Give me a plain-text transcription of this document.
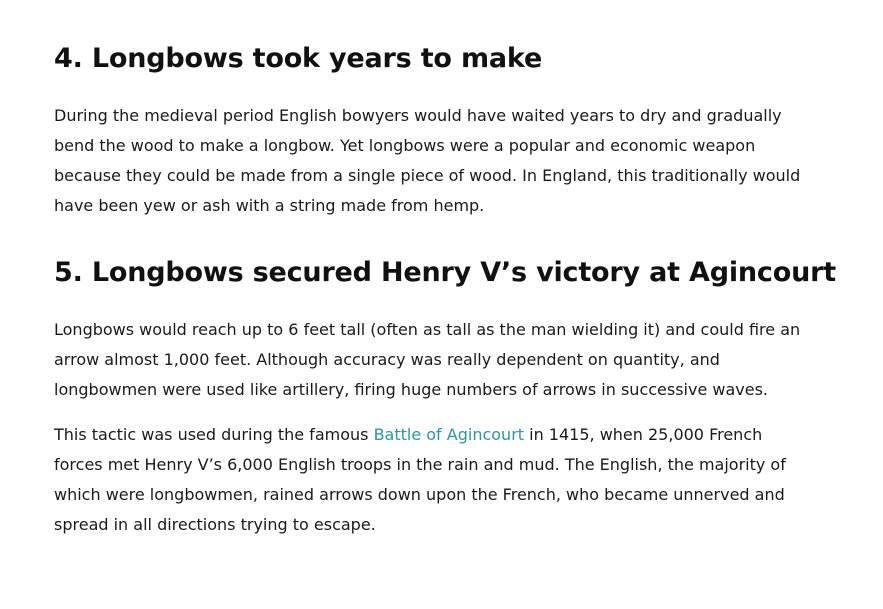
4. Longbows took years to make

During the medieval period English bowyers would have waited years to dry and gradually bend the wood to make a longbow. Yet longbows were a popular and economic weapon because they could be made from a single piece of wood. In England, this traditionally would have been yew or ash with a string made from hemp.

5. Longbows secured Henry V’s victory at Agincourt

Longbows would reach up to 6 feet tall (often as tall as the man wielding it) and could fire an arrow almost 1,000 feet. Although accuracy was really dependent on quantity, and longbowmen were used like artillery, firing huge numbers of arrows in successive waves.

This tactic was used during the famous Battle of Agincourt in 1415, when 25,000 French forces met Henry V’s 6,000 English troops in the rain and mud. The English, the majority of which were longbowmen, rained arrows down upon the French, who became unnerved and spread in all directions trying to escape.
